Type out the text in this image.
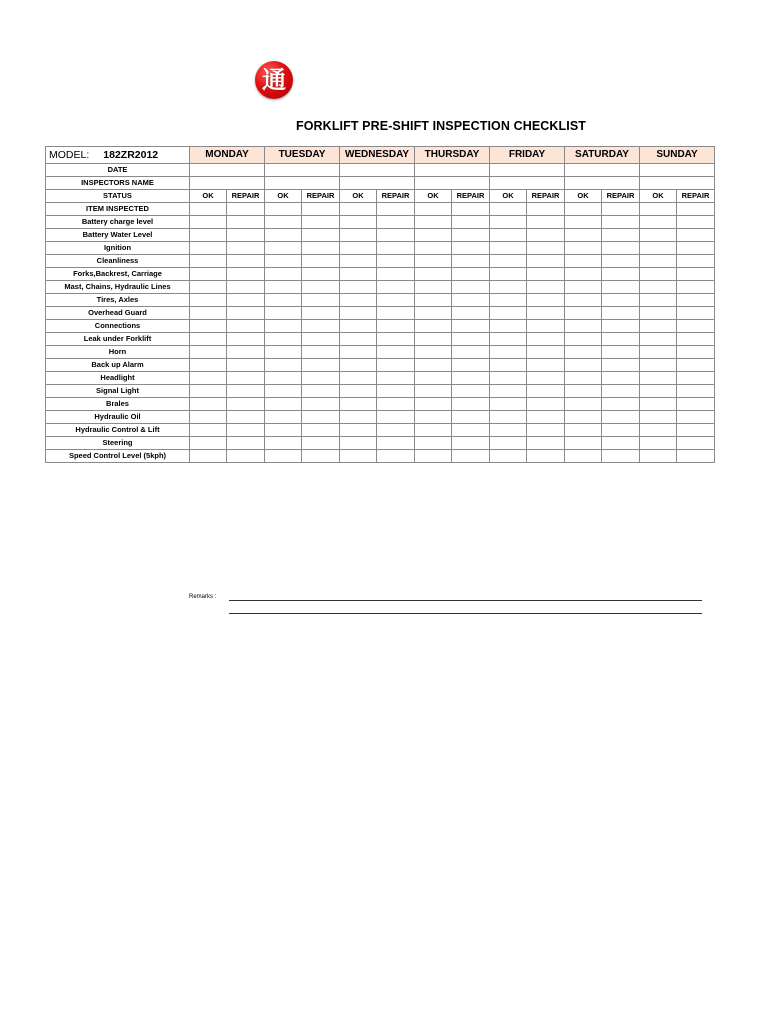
通
FORKLIFT PRE-SHIFT INSPECTION CHECKLIST
MODEL: 182ZR2012	MONDAY		TUESDAY		WEDNESDAY		THURSDAY		FRIDAY		SATURDAY		SUNDAY	
DATE														
INSPECTORS NAME														
STATUS	OK	REPAIR	OK	REPAIR	OK	REPAIR	OK	REPAIR	OK	REPAIR	OK	REPAIR	OK	REPAIR
ITEM INSPECTED														
Battery charge level														
Battery Water Level														
Ignition														
Cleanliness														
Forks,Backrest, Carriage														
Mast, Chains, Hydraulic Lines														
Tires, Axles														
Overhead Guard														
Connections														
Leak under Forklift														
Horn														
Back up Alarm														
Headlight														
Signal Light														
Brales														
Hydraulic Oil														
Hydraulic Control & Lift														
Steering														
Speed Control Level (5kph)														
Remarks :
